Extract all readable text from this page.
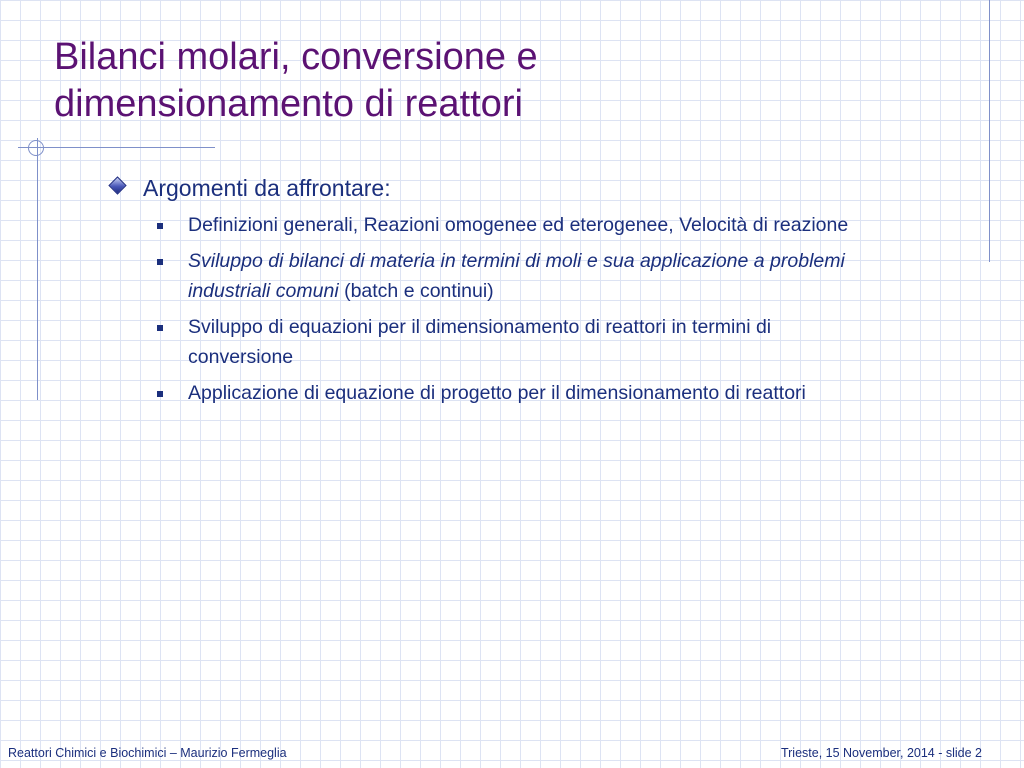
Bilanci molari, conversione e
dimensionamento di reattori
Argomenti da affrontare:
Definizioni generali, Reazioni omogenee ed eterogenee, Velocità di reazione
Sviluppo di bilanci di materia in termini di moli e sua applicazione a problemi industriali comuni (batch e continui)
Sviluppo di equazioni per il dimensionamento di reattori in termini di conversione
Applicazione di equazione di progetto per il dimensionamento di reattori
Reattori Chimici e Biochimici – Maurizio Fermeglia	Trieste, 15 November, 2014 - slide 2
